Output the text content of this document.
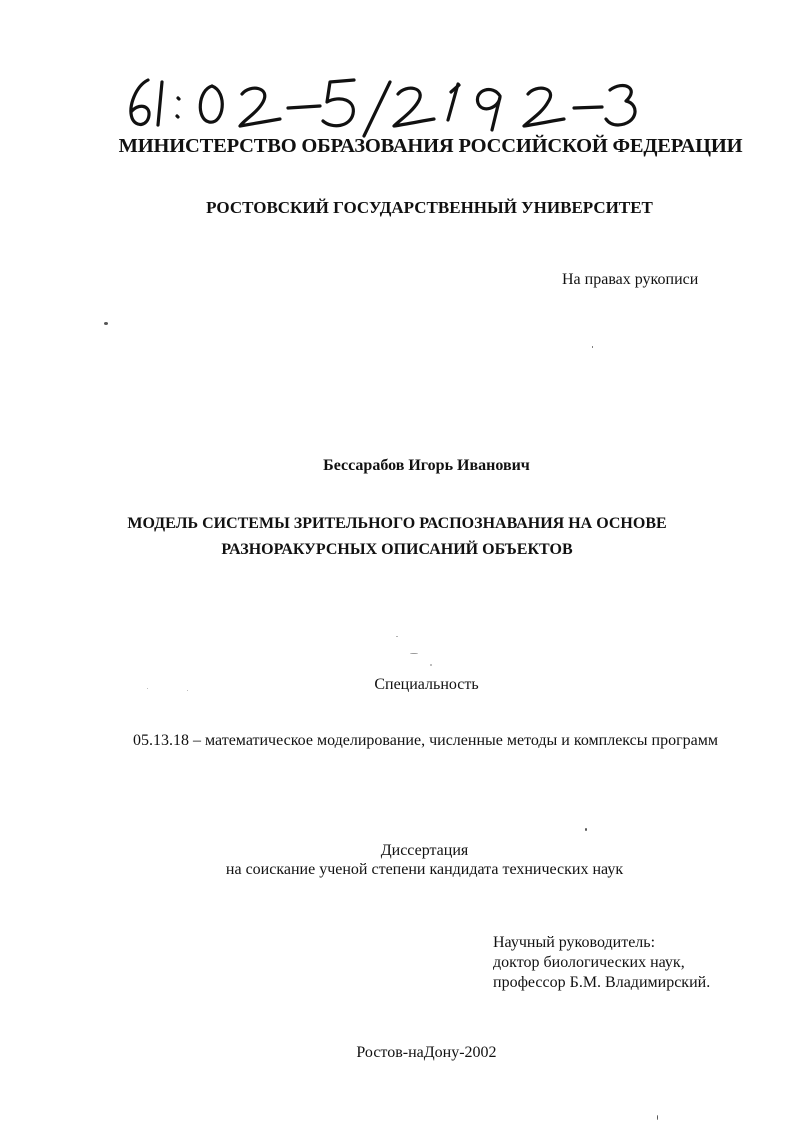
МИНИСТЕРСТВО ОБРАЗОВАНИЯ РОССИЙСКОЙ ФЕДЕРАЦИИ
РОСТОВСКИЙ ГОСУДАРСТВЕННЫЙ УНИВЕРСИТЕТ
На правах рукописи
Бессарабов Игорь Иванович
МОДЕЛЬ СИСТЕМЫ ЗРИТЕЛЬНОГО РАСПОЗНАВАНИЯ НА ОСНОВЕ
РАЗНОРАКУРСНЫХ ОПИСАНИЙ ОБЪЕКТОВ
Специальность
05.13.18 – математическое моделирование, численные методы и комплексы программ
Диссертация
на соискание ученой степени кандидата технических наук
Научный руководитель:
доктор биологических наук,
профессор Б.М. Владимирский.
Ростов-наДону-2002
